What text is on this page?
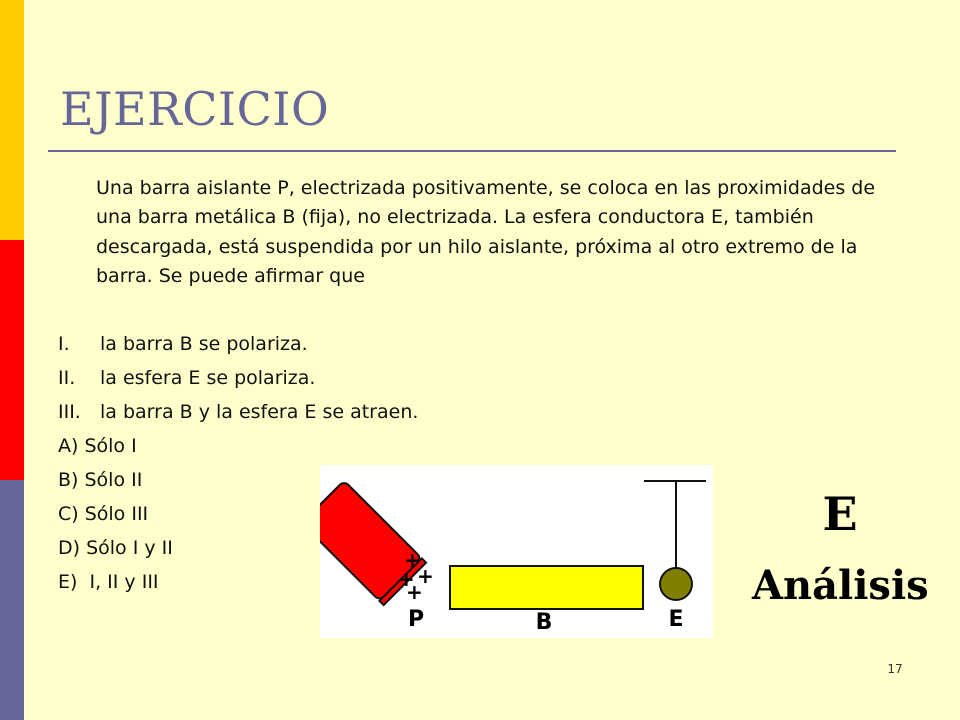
EJERCICIO

Una barra aislante P, electrizada positivamente, se coloca en las proximidades de una barra metálica B (fija), no electrizada. La esfera conductora E, también descargada, está suspendida por un hilo aislante, próxima al otro extremo de la barra. Se puede afirmar que

I. la barra B se polariza.
II. la esfera E se polariza.
III. la barra B y la esfera E se atraen.
A) Sólo I
B) Sólo II
C) Sólo III
D) Sólo I y II
E)  I, II y III
+
+ +
+
P	B	E
E
Análisis
17
